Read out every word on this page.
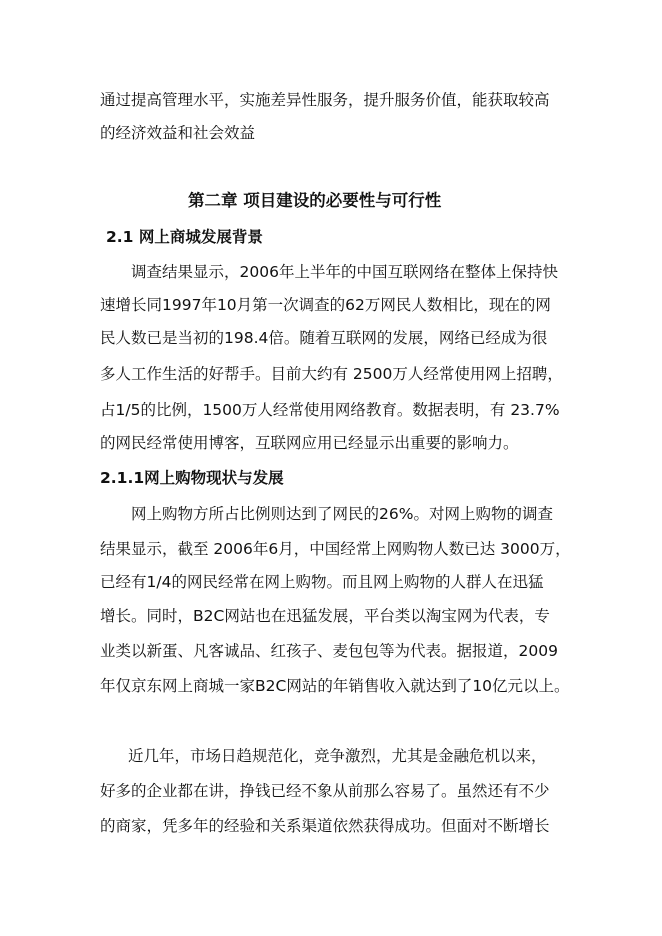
通过提高管理水平，实施差异性服务，提升服务价值，能获取较高
的经济效益和社会效益
第二章 项目建设的必要性与可行性
2.1 网上商城发展背景
调查结果显示，2006年上半年的中国互联网络在整体上保持快
速增长同1997年10月第一次调查的62万网民人数相比，现在的网
民人数已是当初的198.4倍。随着互联网的发展，网络已经成为很
多人工作生活的好帮手。目前大约有 2500万人经常使用网上招聘，
占1/5的比例，1500万人经常使用网络教育。数据表明，有 23.7%
的网民经常使用博客，互联网应用已经显示出重要的影响力。
2.1.1网上购物现状与发展
网上购物方所占比例则达到了网民的26%。对网上购物的调查
结果显示，截至 2006年6月，中国经常上网购物人数已达 3000万，
已经有1/4的网民经常在网上购物。而且网上购物的人群人在迅猛
增长。同时，B2C网站也在迅猛发展，平台类以淘宝网为代表，专
业类以新蛋、凡客诚品、红孩子、麦包包等为代表。据报道，2009
年仅京东网上商城一家B2C网站的年销售收入就达到了10亿元以上。
近几年，市场日趋规范化，竞争激烈，尤其是金融危机以来，
好多的企业都在讲，挣钱已经不象从前那么容易了。虽然还有不少
的商家，凭多年的经验和关系渠道依然获得成功。但面对不断增长
